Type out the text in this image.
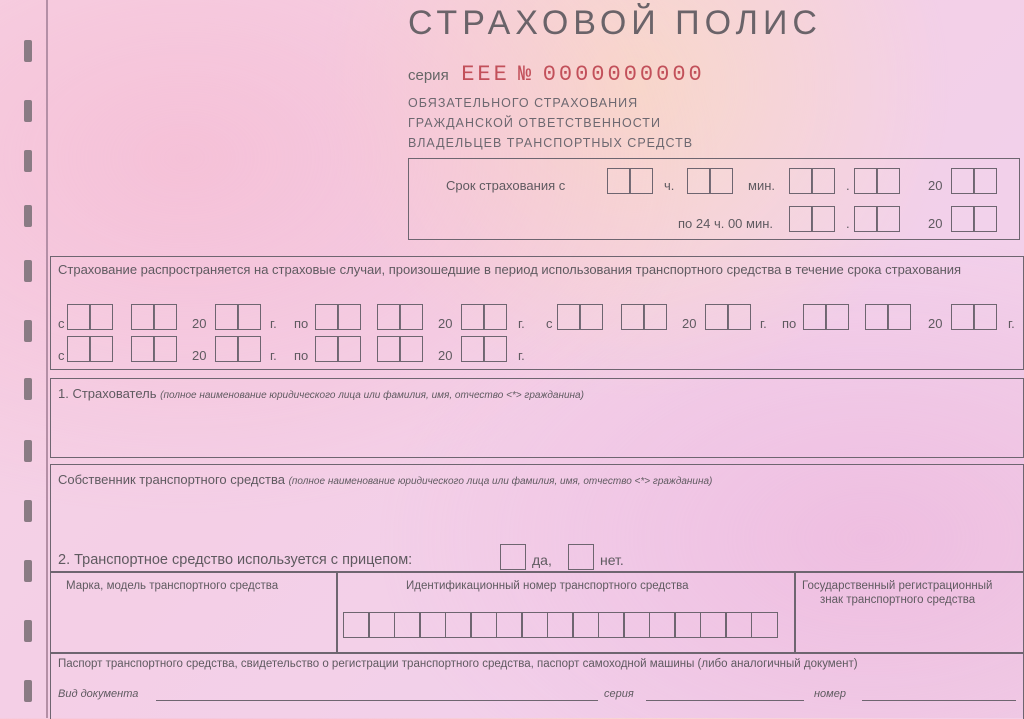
СТРАХОВОЙ ПОЛИС
серия ЕЕЕ № 0000000000
ОБЯЗАТЕЛЬНОГО СТРАХОВАНИЯ
ГРАЖДАНСКОЙ ОТВЕТСТВЕННОСТИ
ВЛАДЕЛЬЦЕВ ТРАНСПОРТНЫХ СРЕДСТВ
Срок страхования с	ч.	мин.	.	20
по 24 ч. 00 мин.	.	20
Страхование распространяется на страховые случаи, произошедшие в период использования транспортного средства в течение срока страхования
с	20	г. по	20	г. с	20	г. по	20	г.
с	20	г. по	20	г.
1. Страхователь (полное наименование юридического лица или фамилия, имя, отчество <*> гражданина)
Собственник транспортного средства (полное наименование юридического лица или фамилия, имя, отчество <*> гражданина)
2. Транспортное средство используется с прицепом:	да,	нет.
Марка, модель транспортного средства	Идентификационный номер транспортного средства	Государственный регистрационный
знак транспортного средства
Паспорт транспортного средства, свидетельство о регистрации транспортного средства, паспорт самоходной машины (либо аналогичный документ)
Вид документа	серия	номер
